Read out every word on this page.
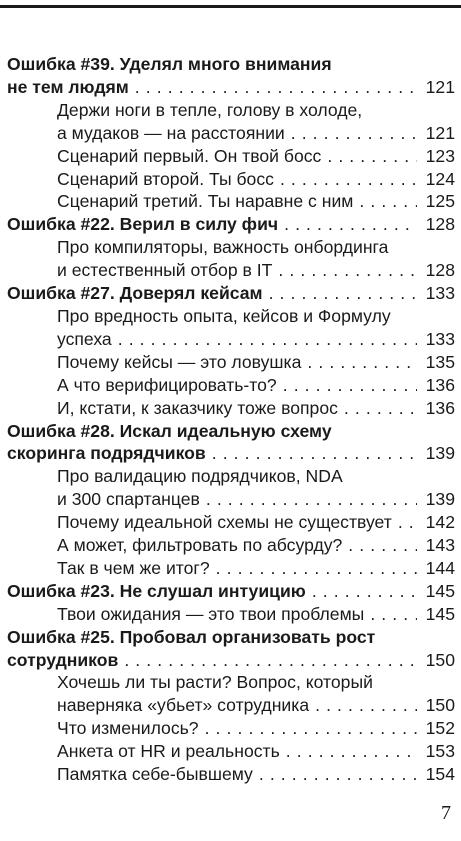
Ошибка #39. Уделял много внимания
не тем людям . . .	121
Держи ноги в тепле, голову в холоде,
а мудаков — на расстоянии . . .	121
Сценарий первый. Он твой босс . . .	123
Сценарий второй. Ты босс . . .	124
Сценарий третий. Ты наравне с ним . . .	125
Ошибка #22. Верил в силу фич . . .	128
Про компиляторы, важность онбординга
и естественный отбор в IT . . .	128
Ошибка #27. Доверял кейсам . . .	133
Про вредность опыта, кейсов и Формулу
успеха . . .	133
Почему кейсы — это ловушка . . .	135
А что верифицировать-то? . . .	136
И, кстати, к заказчику тоже вопрос . . .	136
Ошибка #28. Искал идеальную схему
скоринга подрядчиков . . .	139
Про валидацию подрядчиков, NDA
и 300 спартанцев . . .	139
Почему идеальной схемы не существует . . . 142
А может, фильтровать по абсурду? . . .	143
Так в чем же итог? . . .	144
Ошибка #23. Не слушал интуицию . . .	145
Твои ожидания — это твои проблемы . . .	145
Ошибка #25. Пробовал организовать рост
сотрудников . . .	150
Хочешь ли ты расти? Вопрос, который
наверняка «убьет» сотрудника . . .	150
Что изменилось? . . .	152
Анкета от HR и реальность . . .	153
Памятка себе-бывшему . . .	154
7
